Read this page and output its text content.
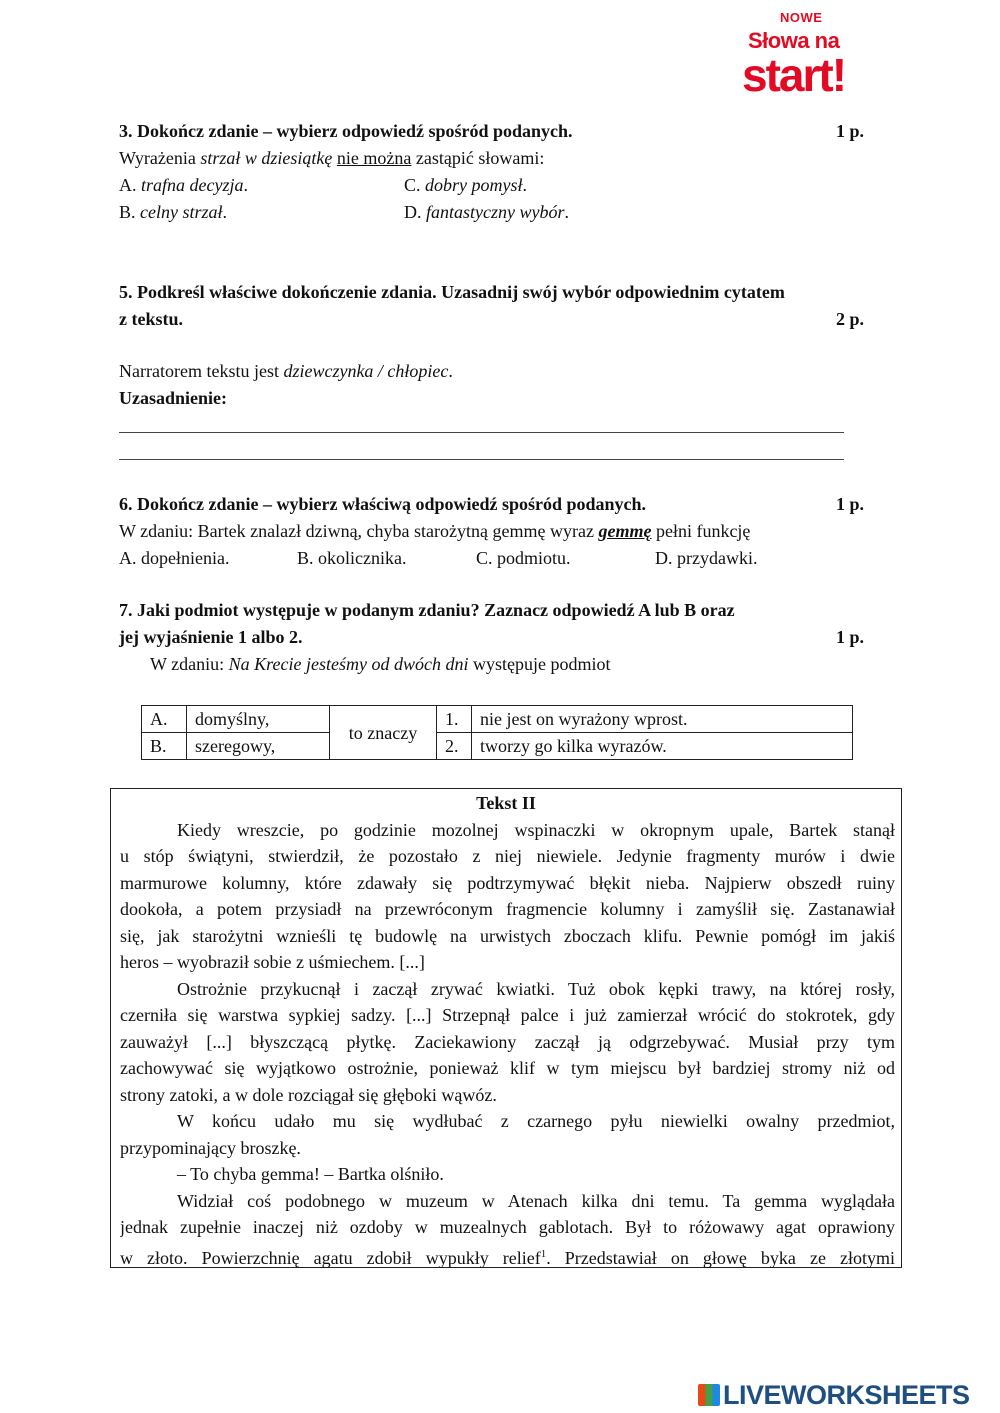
NOWE
Słowa na
start!
3. Dokończ zdanie – wybierz odpowiedź spośród podanych.	1 p.
Wyrażenia strzał w dziesiątkę nie można zastąpić słowami:
A. trafna decyzja.
B. celny strzał.
C. dobry pomysł.
D. fantastyczny wybór.
5. Podkreśl właściwe dokończenie zdania. Uzasadnij swój wybór odpowiednim cytatem
z tekstu.	2 p.
Narratorem tekstu jest dziewczynka / chłopiec.
Uzasadnienie:
6. Dokończ zdanie – wybierz właściwą odpowiedź spośród podanych.	1 p.
W zdaniu: Bartek znalazł dziwną, chyba starożytną gemmę wyraz gemmę pełni funkcję
A. dopełnienia.	B. okolicznika.	C. podmiotu.	D. przydawki.
7. Jaki podmiot występuje w podanym zdaniu? Zaznacz odpowiedź A lub B oraz
jej wyjaśnienie 1 albo 2.	1 p.
W zdaniu: Na Krecie jesteśmy od dwóch dni występuje podmiot
A.	domyślny,	to znaczy	1.	nie jest on wyrażony wprost.
B.	szeregowy,		2.	tworzy go kilka wyrazów.
Tekst II
Kiedy wreszcie, po godzinie mozolnej wspinaczki w okropnym upale, Bartek stanął
u stóp świątyni, stwierdził, że pozostało z niej niewiele. Jedynie fragmenty murów i dwie
marmurowe kolumny, które zdawały się podtrzymywać błękit nieba. Najpierw obszedł ruiny
dookoła, a potem przysiadł na przewróconym fragmencie kolumny i zamyślił się. Zastanawiał
się, jak starożytni wznieśli tę budowlę na urwistych zboczach klifu. Pewnie pomógł im jakiś
heros – wyobraził sobie z uśmiechem. [...]
Ostrożnie przykucnął i zaczął zrywać kwiatki. Tuż obok kępki trawy, na której rosły,
czerniła się warstwa sypkiej sadzy. [...] Strzepnął palce i już zamierzał wrócić do stokrotek, gdy
zauważył [...] błyszczącą płytkę. Zaciekawiony zaczął ją odgrzebywać. Musiał przy tym
zachowywać się wyjątkowo ostrożnie, ponieważ klif w tym miejscu był bardziej stromy niż od
strony zatoki, a w dole rozciągał się głęboki wąwóz.
W końcu udało mu się wydłubać z czarnego pyłu niewielki owalny przedmiot,
przypominający broszkę.
– To chyba gemma! – Bartka olśniło.
Widział coś podobnego w muzeum w Atenach kilka dni temu. Ta gemma wyglądała
jednak zupełnie inaczej niż ozdoby w muzealnych gablotach. Był to różowawy agat oprawiony
w złoto. Powierzchnię agatu zdobił wypukły relief$^1$. Przedstawiał on głowę byka ze złotymi
LIVEWORKSHEETS
